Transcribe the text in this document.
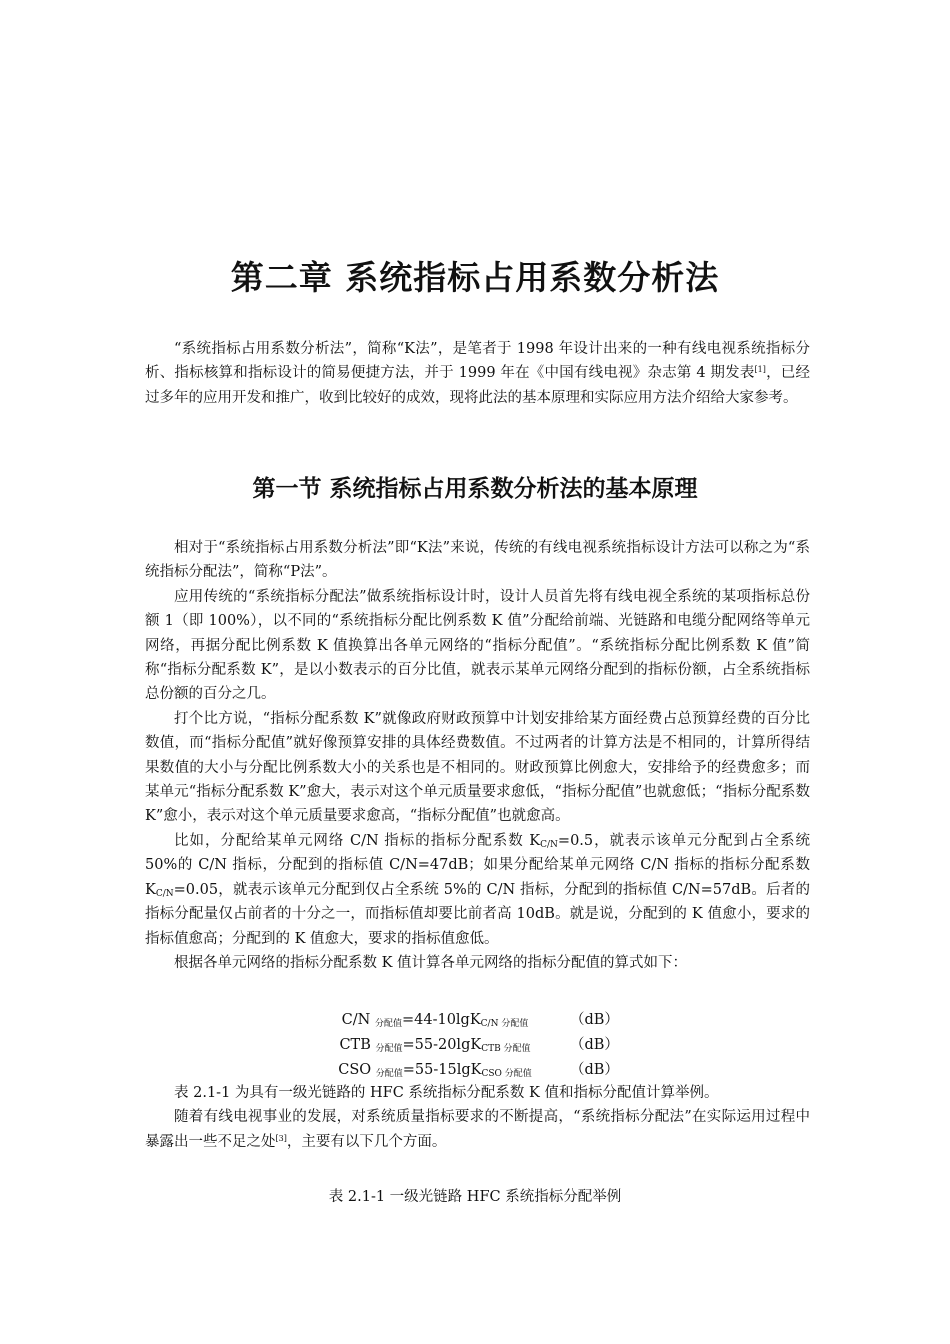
第二章 系统指标占用系数分析法

“系统指标占用系数分析法”，简称“K法”，是笔者于 1998 年设计出来的一种有线电视系统指标分析、指标核算和指标设计的简易便捷方法，并于 1999 年在《中国有线电视》杂志第 4 期发表[1]，已经过多年的应用开发和推广，收到比较好的成效，现将此法的基本原理和实际应用方法介绍给大家参考。

第一节 系统指标占用系数分析法的基本原理

相对于“系统指标占用系数分析法”即“K法”来说，传统的有线电视系统指标设计方法可以称之为“系统指标分配法”，简称“P法”。

应用传统的“系统指标分配法”做系统指标设计时，设计人员首先将有线电视全系统的某项指标总份额 1（即 100%），以不同的“系统指标分配比例系数 K 值”分配给前端、光链路和电缆分配网络等单元网络，再据分配比例系数 K 值换算出各单元网络的“指标分配值”。“系统指标分配比例系数 K 值”简称“指标分配系数 K”，是以小数表示的百分比值，就表示某单元网络分配到的指标份额，占全系统指标总份额的百分之几。

打个比方说，“指标分配系数 K”就像政府财政预算中计划安排给某方面经费占总预算经费的百分比数值，而“指标分配值”就好像预算安排的具体经费数值。不过两者的计算方法是不相同的，计算所得结果数值的大小与分配比例系数大小的关系也是不相同的。财政预算比例愈大，安排给予的经费愈多；而某单元“指标分配系数 K”愈大，表示对这个单元质量要求愈低，“指标分配值”也就愈低；“指标分配系数 K”愈小，表示对这个单元质量要求愈高，“指标分配值”也就愈高。

比如，分配给某单元网络 C/N 指标的指标分配系数 $K_{C/N}=0.5$，就表示该单元分配到占全系统 50%的 C/N 指标，分配到的指标值 C/N=47dB；如果分配给某单元网络 C/N 指标的指标分配系数 $K_{C/N}=0.05$，就表示该单元分配到仅占全系统 5%的 C/N 指标，分配到的指标值 C/N=57dB。后者的指标分配量仅占前者的十分之一，而指标值却要比前者高 10dB。就是说，分配到的 K 值愈小，要求的指标值愈高；分配到的 K 值愈大，要求的指标值愈低。

根据各单元网络的指标分配系数 K 值计算各单元网络的指标分配值的算式如下：

C/N $_{分配值}$=44-10lgK$_{C/N 分配值}$	（dB）
CTB $_{分配值}$=55-20lgK$_{CTB 分配值}$	（dB）
CSO $_{分配值}$=55-15lgK$_{CSO 分配值}$	（dB）

表 2.1-1 为具有一级光链路的 HFC 系统指标分配系数 K 值和指标分配值计算举例。

随着有线电视事业的发展，对系统质量指标要求的不断提高，“系统指标分配法”在实际运用过程中暴露出一些不足之处[3]，主要有以下几个方面。

表 2.1-1 一级光链路 HFC 系统指标分配举例
